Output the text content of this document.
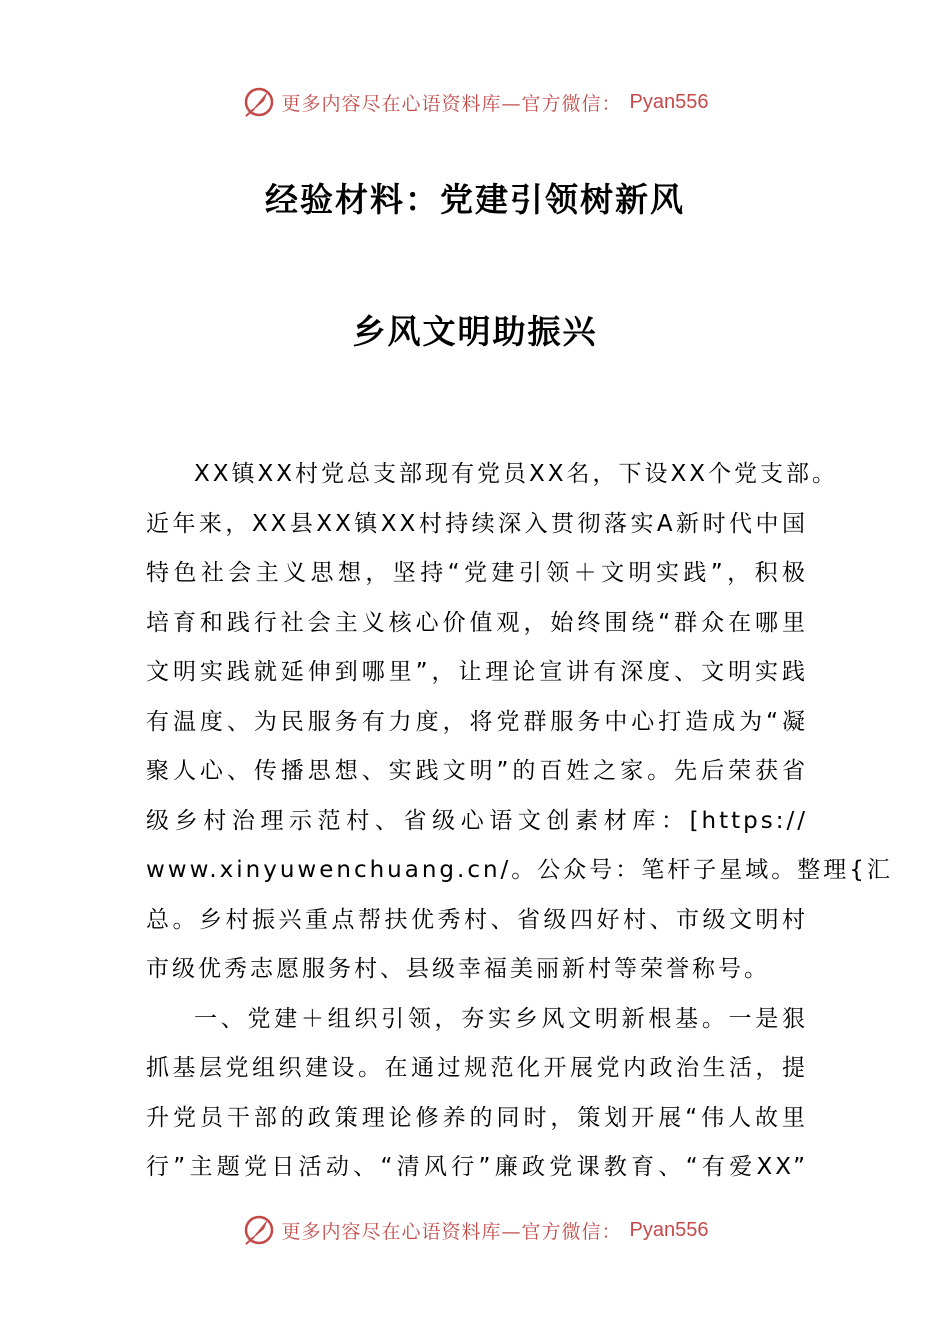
更多内容尽在心语资料库—官方微信： Pyan556
经验材料：党建引领树新风
乡风文明助振兴
XX镇XX村党总支部现有党员XX名，下设XX个党支部。
近年来，XX县XX镇XX村持续深入贯彻落实A新时代中国
特色社会主义思想，坚持“党建引领＋文明实践”，积极
培育和践行社会主义核心价值观，始终围绕“群众在哪里
文明实践就延伸到哪里”，让理论宣讲有深度、文明实践
有温度、为民服务有力度，将党群服务中心打造成为“凝
聚人心、传播思想、实践文明”的百姓之家。先后荣获省
级乡村治理示范村、省级心语文创素材库：[https://
www.xinyuwenchuang.cn/。公众号：笔杆子星域。整理{汇
总。乡村振兴重点帮扶优秀村、省级四好村、市级文明村
市级优秀志愿服务村、县级幸福美丽新村等荣誉称号。
一、党建＋组织引领，夯实乡风文明新根基。一是狠
抓基层党组织建设。在通过规范化开展党内政治生活，提
升党员干部的政策理论修养的同时，策划开展“伟人故里
行”主题党日活动、“清风行”廉政党课教育、“有爱XX”
更多内容尽在心语资料库—官方微信： Pyan556
